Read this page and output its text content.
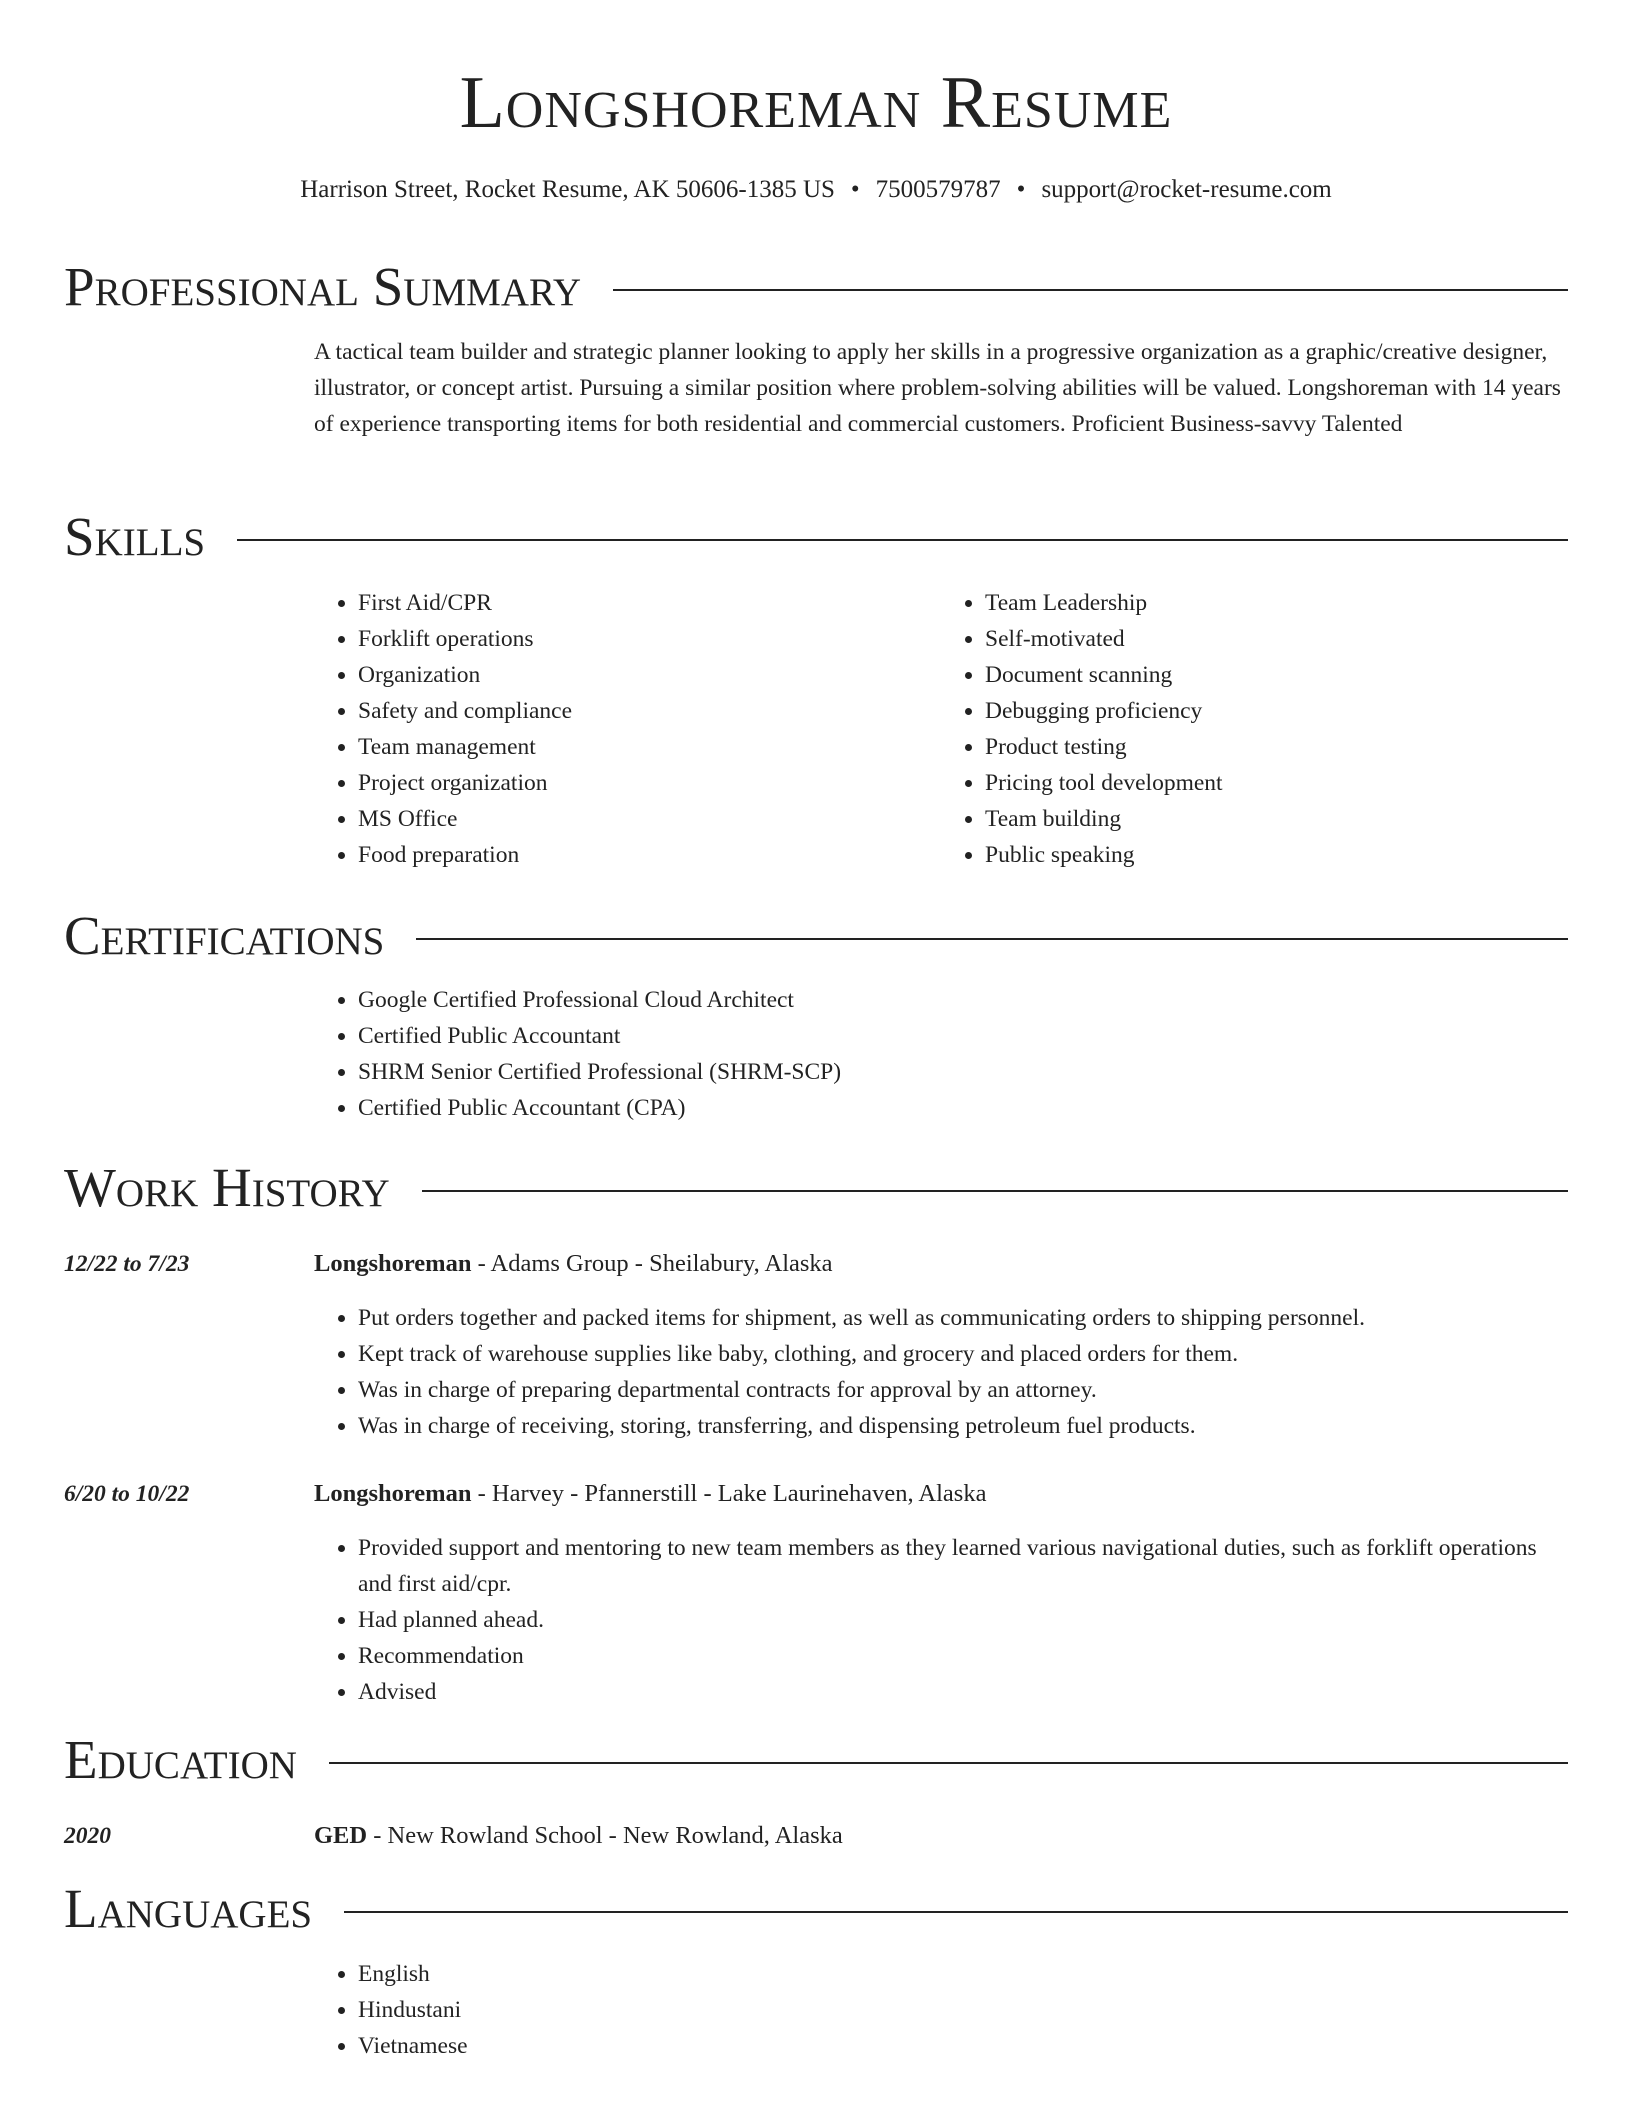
Longshoreman Resume
Harrison Street, Rocket Resume, AK 50606-1385 US • 7500579787 • support@rocket-resume.com
Professional Summary

A tactical team builder and strategic planner looking to apply her skills in a progressive organization as a graphic/creative designer, illustrator, or concept artist. Pursuing a similar position where problem-solving abilities will be valued. Longshoreman with 14 years of experience transporting items for both residential and commercial customers. Proficient Business-savvy Talented

Skills
• First Aid/CPR
• Forklift operations
• Organization
• Safety and compliance
• Team management
• Project organization
• MS Office
• Food preparation
• Team Leadership
• Self-motivated
• Document scanning
• Debugging proficiency
• Product testing
• Pricing tool development
• Team building
• Public speaking
Certifications
• Google Certified Professional Cloud Architect
• Certified Public Accountant
• SHRM Senior Certified Professional (SHRM-SCP)
• Certified Public Accountant (CPA)
Work History
12/22 to 7/23	Longshoreman - Adams Group - Sheilabury, Alaska
• Put orders together and packed items for shipment, as well as communicating orders to shipping personnel.
• Kept track of warehouse supplies like baby, clothing, and grocery and placed orders for them.
• Was in charge of preparing departmental contracts for approval by an attorney.
• Was in charge of receiving, storing, transferring, and dispensing petroleum fuel products.
6/20 to 10/22	Longshoreman - Harvey - Pfannerstill - Lake Laurinehaven, Alaska
• Provided support and mentoring to new team members as they learned various navigational duties, such as forklift operations and first aid/cpr.
• Had planned ahead.
• Recommendation
• Advised
Education
2020	GED - New Rowland School - New Rowland, Alaska
Languages
• English
• Hindustani
• Vietnamese
